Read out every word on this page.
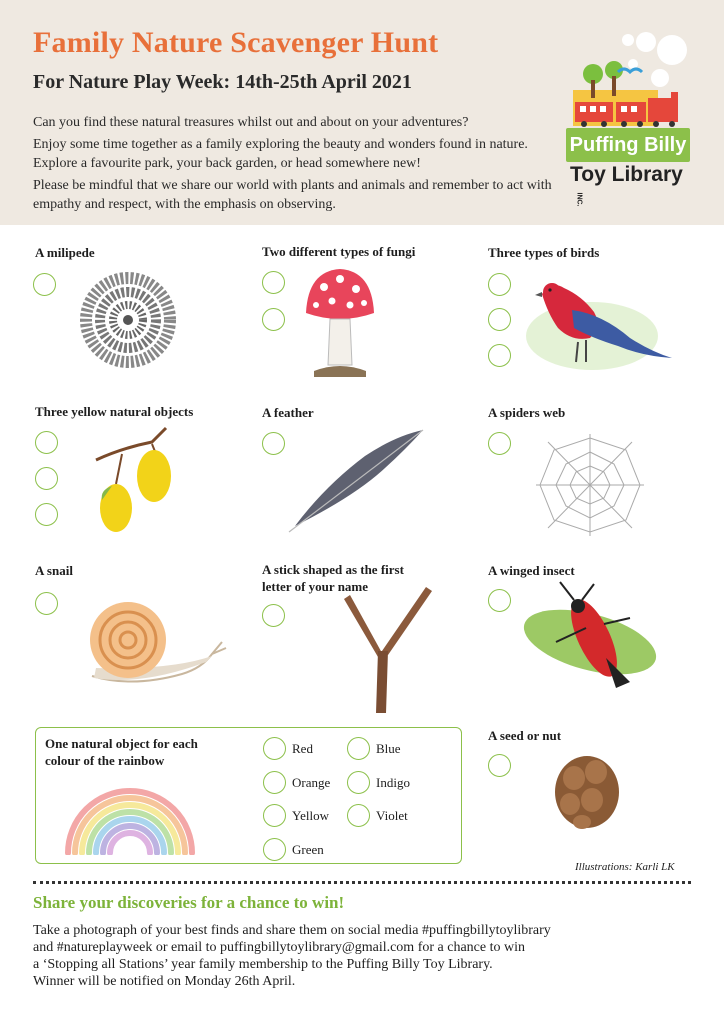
Family Nature Scavenger Hunt
For Nature Play Week: 14th-25th April 2021

Can you find these natural treasures whilst out and about on your adventures?

Enjoy some time together as a family exploring the beauty and wonders found in nature. Explore a favourite park, your back garden, or head somewhere new!

Please be mindful that we share our world with plants and animals and remember to act with empathy and respect, with the emphasis on observing.

Puffing Billy
Toy LibraryINC.
A milipede	Two different types of fungi	Three types of birds
Three yellow natural objects	A feather	A spiders web
A snail	A stick shaped as the first
letter of your name
A winged insect
One natural object for each
colour of the rainbow
Red
Orange
Yellow
Green
Blue
Indigo
Violet
A seed or nut
Illustrations: Karli LK
Share your discoveries for a chance to win!
Take a photograph of your best finds and share them on social media #puffingbillytoylibrary
and #natureplayweek or email to puffingbillytoylibrary@gmail.com for a chance to win
a ‘Stopping all Stations’ year family membership to the Puffing Billy Toy Library.
Winner will be notified on Monday 26th April.
